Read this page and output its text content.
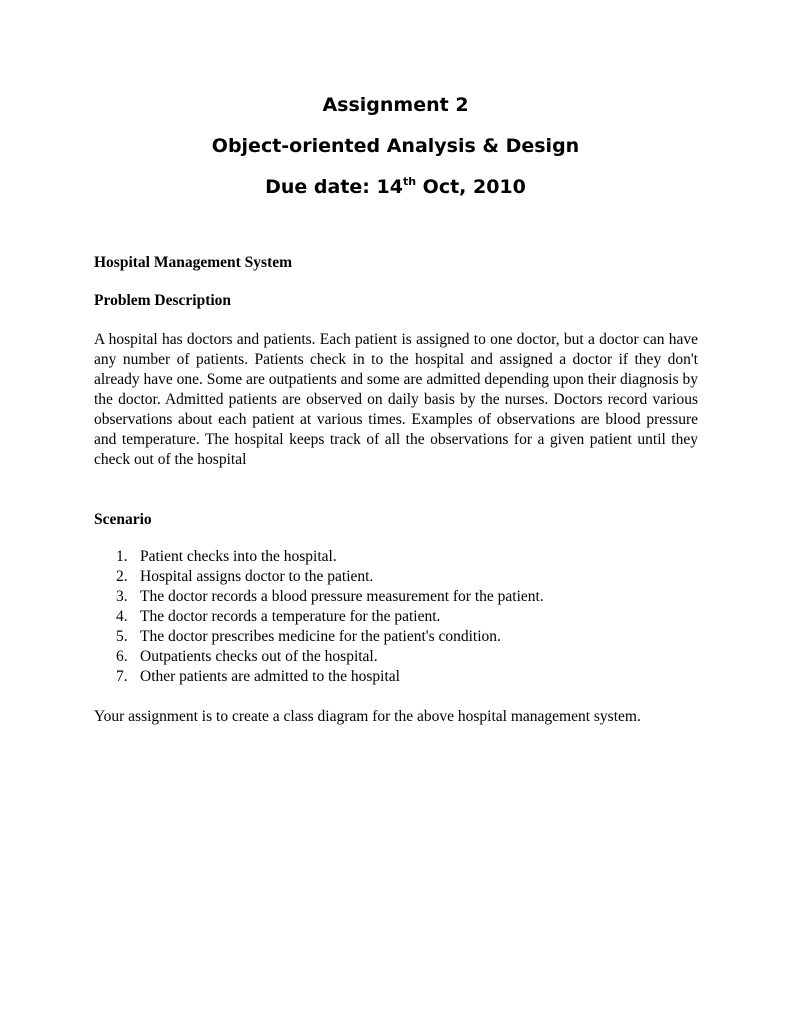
Assignment 2
Object-oriented Analysis & Design
Due date: 14th Oct, 2010
Hospital Management System
Problem Description

A hospital has doctors and patients. Each patient is assigned to one doctor, but a doctor can have any number of patients. Patients check in to the hospital and assigned a doctor if they don't already have one. Some are outpatients and some are admitted depending upon their diagnosis by the doctor. Admitted patients are observed on daily basis by the nurses. Doctors record various observations about each patient at various times. Examples of observations are blood pressure and temperature. The hospital keeps track of all the observations for a given patient until they check out of the hospital

Scenario
1. Patient checks into the hospital.
2. Hospital assigns doctor to the patient.
3. The doctor records a blood pressure measurement for the patient.
4. The doctor records a temperature for the patient.
5. The doctor prescribes medicine for the patient's condition.
6. Outpatients checks out of the hospital.
7. Other patients are admitted to the hospital

Your assignment is to create a class diagram for the above hospital management system.
